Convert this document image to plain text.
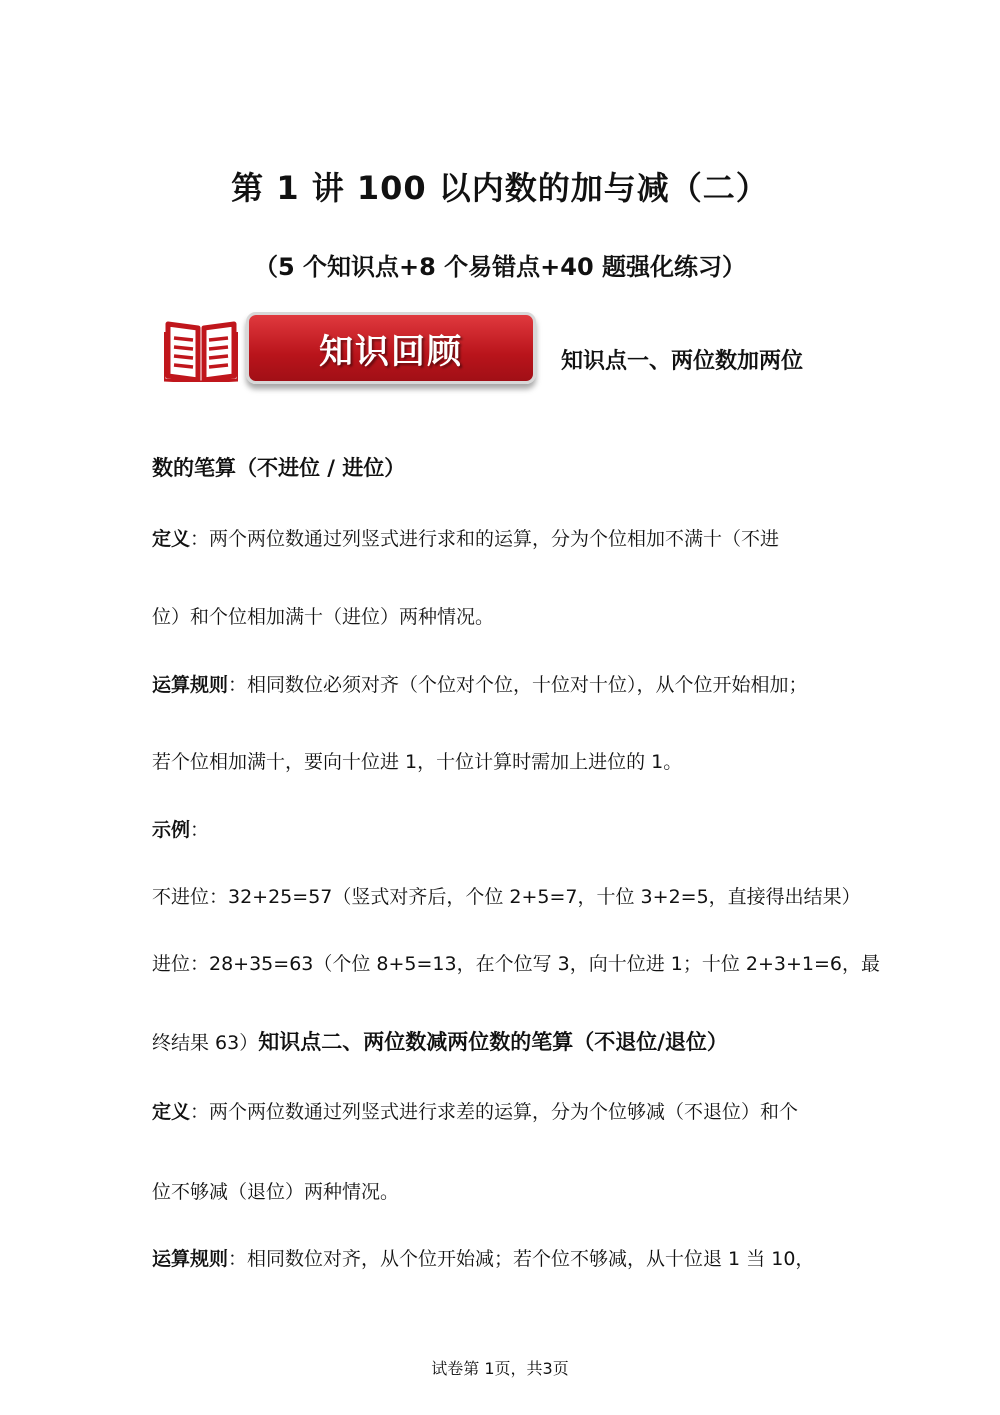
第 1 讲 100 以内数的加与减（二）
（5 个知识点+8 个易错点+40 题强化练习）
知识回顾	知识点一、两位数加两位
数的笔算（不进位 / 进位）
定义：两个两位数通过列竖式进行求和的运算，分为个位相加不满十（不进
位）和个位相加满十（进位）两种情况。
运算规则：相同数位必须对齐（个位对个位，十位对十位），从个位开始相加；
若个位相加满十，要向十位进 1，十位计算时需加上进位的 1。
示例：
不进位：32+25=57（竖式对齐后，个位 2+5=7，十位 3+2=5，直接得出结果）
进位：28+35=63（个位 8+5=13，在个位写 3，向十位进 1；十位 2+3+1=6，最
终结果 63）知识点二、两位数减两位数的笔算（不退位/退位）
定义：两个两位数通过列竖式进行求差的运算，分为个位够减（不退位）和个
位不够减（退位）两种情况。
运算规则：相同数位对齐，从个位开始减；若个位不够减，从十位退 1 当 10，
试卷第 1页，共3页
